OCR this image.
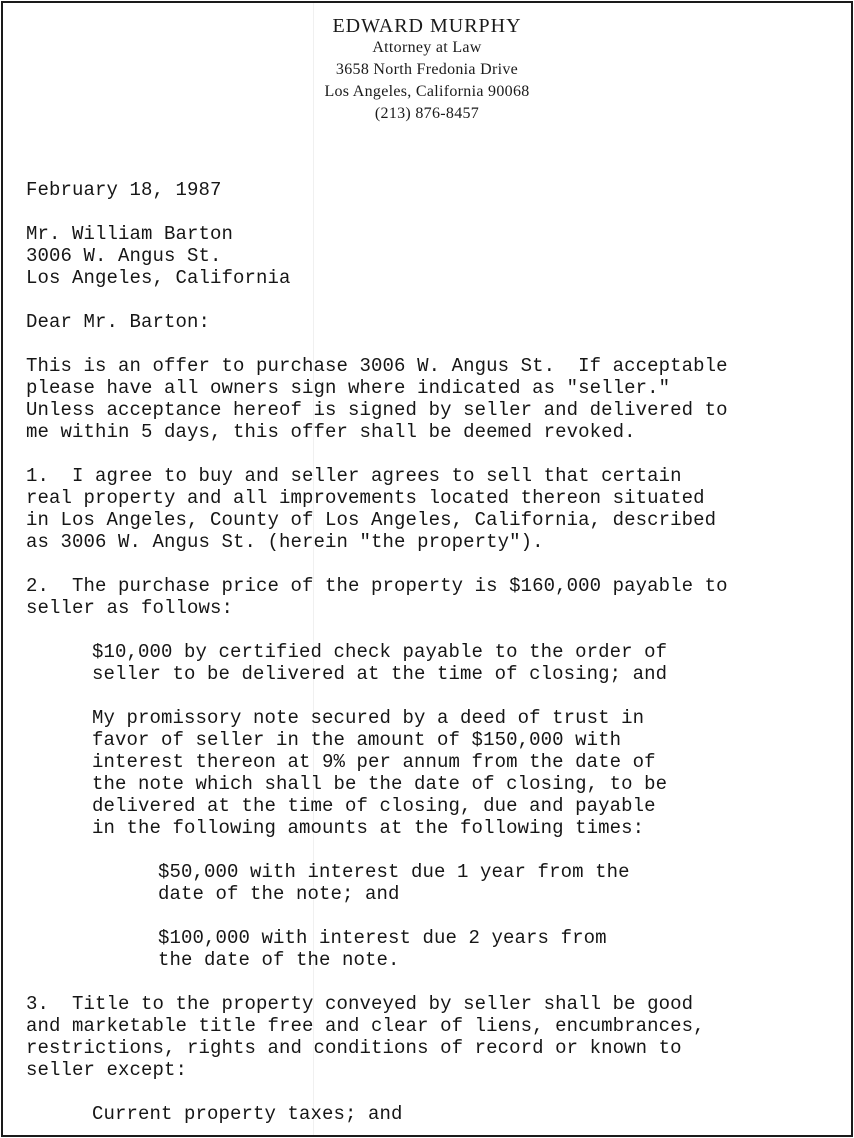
EDWARD MURPHY
Attorney at Law
3658 North Fredonia Drive
Los Angeles, California 90068
(213) 876-8457
February 18, 1987
Mr. William Barton
3006 W. Angus St.
Los Angeles, California
Dear Mr. Barton:
This is an offer to purchase 3006 W. Angus St.  If acceptable
please have all owners sign where indicated as "seller."
Unless acceptance hereof is signed by seller and delivered to
me within 5 days, this offer shall be deemed revoked.
1.  I agree to buy and seller agrees to sell that certain
real property and all improvements located thereon situated
in Los Angeles, County of Los Angeles, California, described
as 3006 W. Angus St. (herein "the property").
2.  The purchase price of the property is $160,000 payable to
seller as follows:
$10,000 by certified check payable to the order of
seller to be delivered at the time of closing; and
My promissory note secured by a deed of trust in
favor of seller in the amount of $150,000 with
interest thereon at 9% per annum from the date of
the note which shall be the date of closing, to be
delivered at the time of closing, due and payable
in the following amounts at the following times:
$50,000 with interest due 1 year from the
date of the note; and
$100,000 with interest due 2 years from
the date of the note.
3.  Title to the property conveyed by seller shall be good
and marketable title free and clear of liens, encumbrances,
restrictions, rights and conditions of record or known to
seller except:
Current property taxes; and
